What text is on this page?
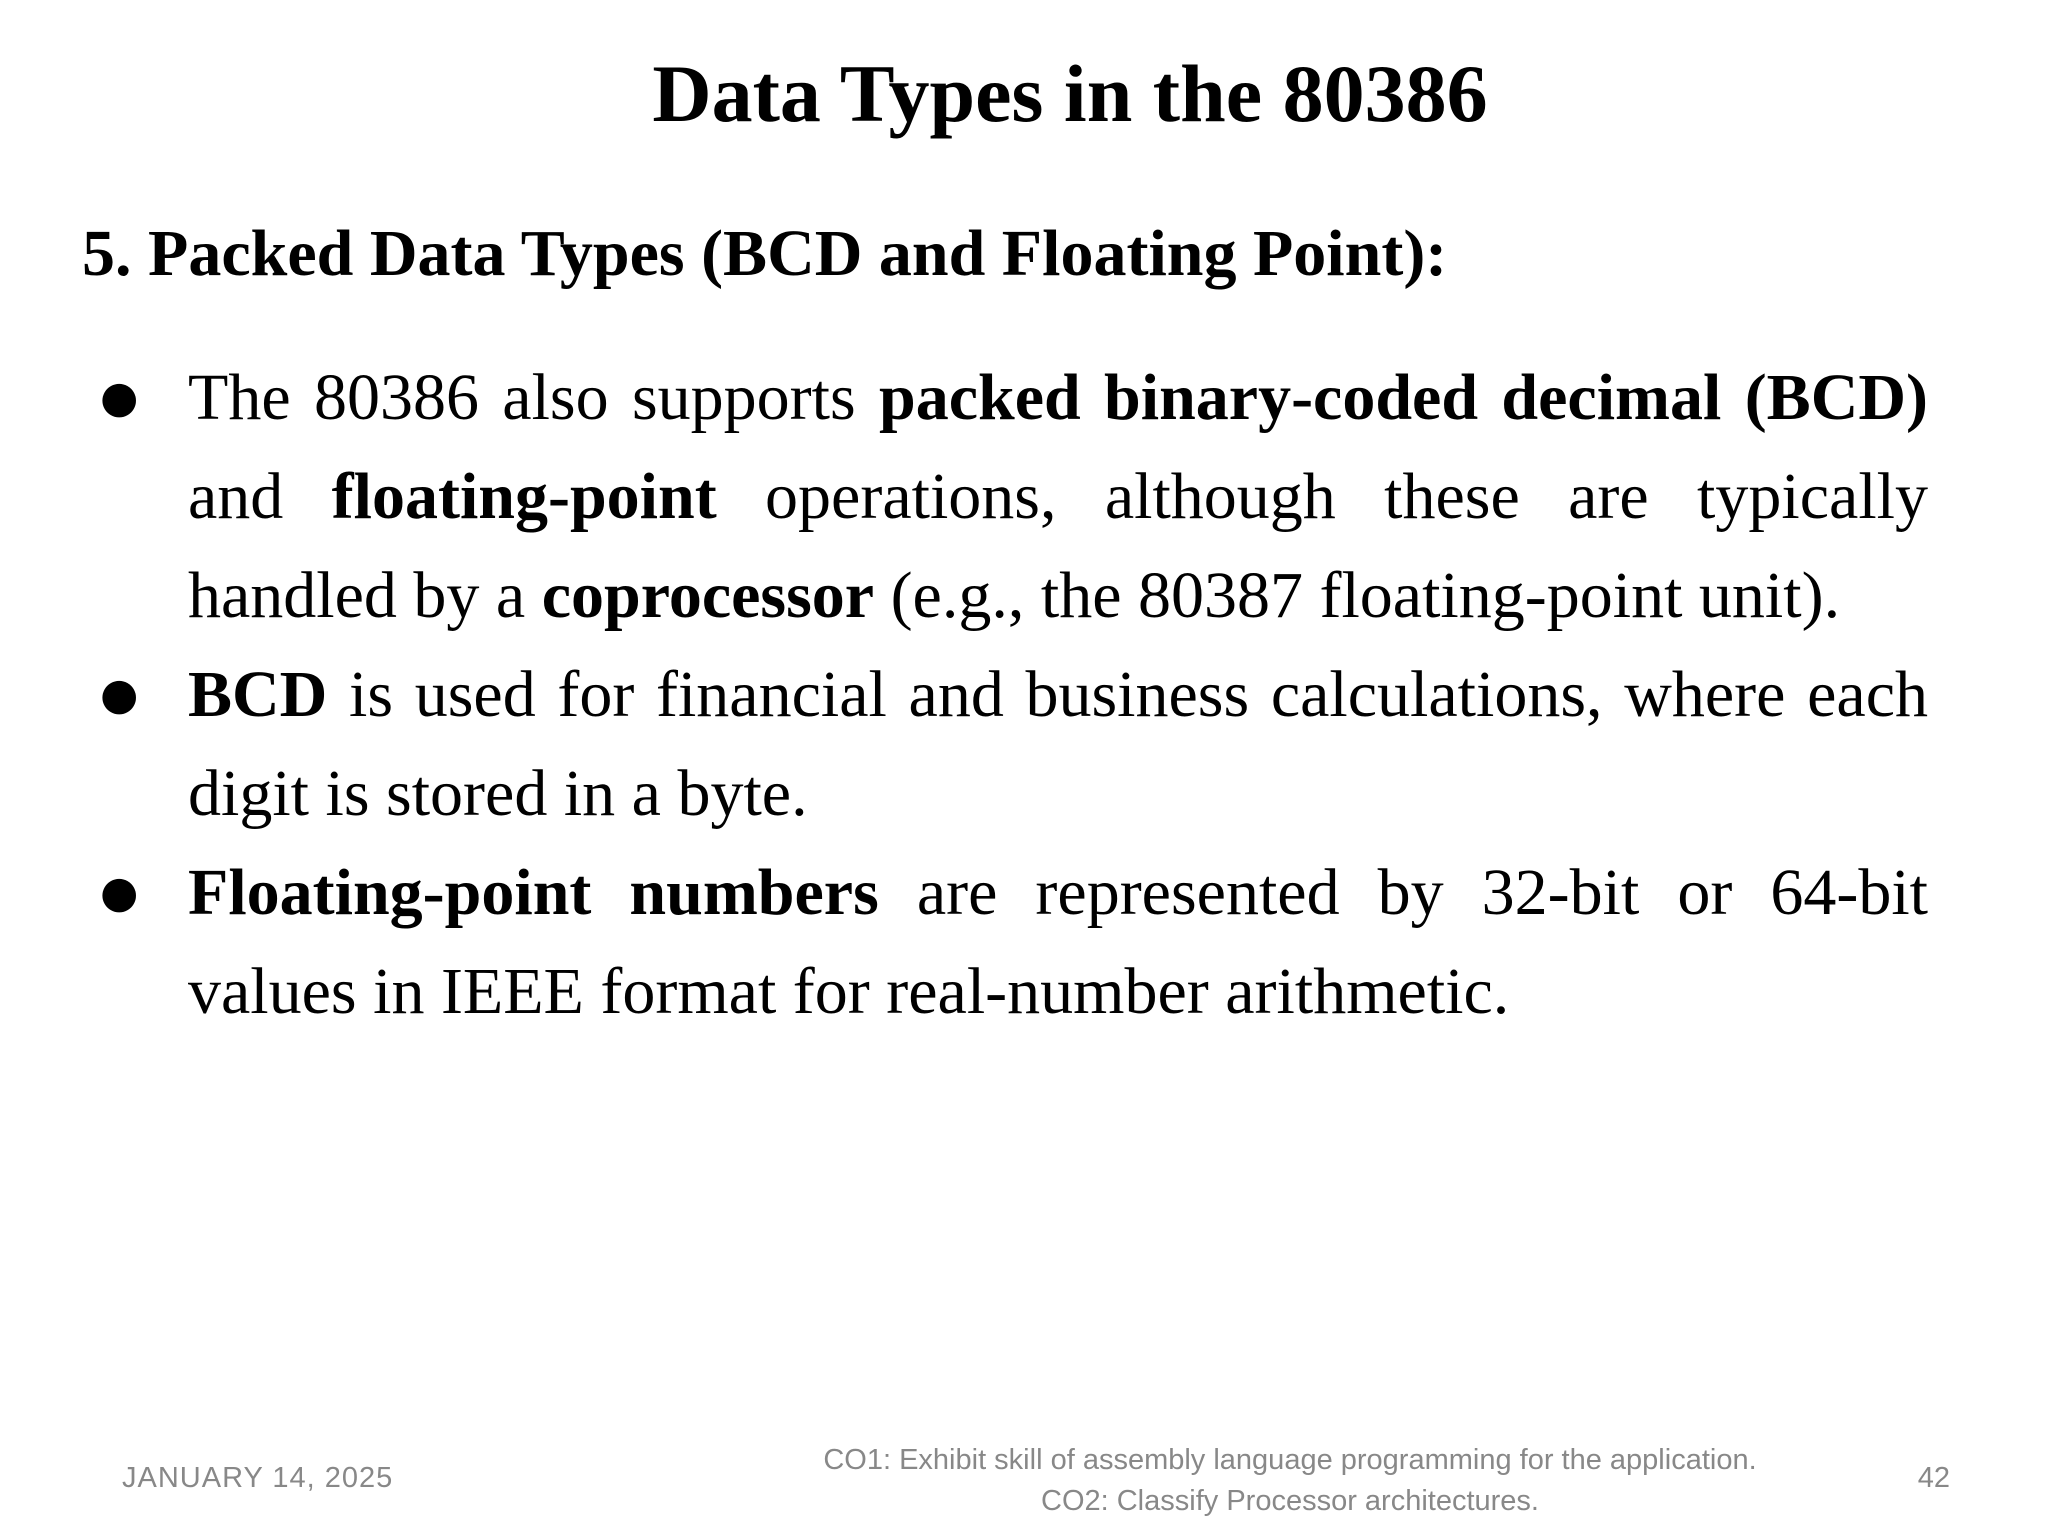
Data Types in the 80386
5. Packed Data Types (BCD and Floating Point):
● The 80386 also supports packed binary-coded decimal (BCD) and floating-point operations, although these are typically handled by a coprocessor (e.g., the 80387 floating-point unit).
● BCD is used for financial and business calculations, where each digit is stored in a byte.
● Floating-point numbers are represented by 32-bit or 64-bit values in IEEE format for real-number arithmetic.
JANUARY 14, 2025
CO1: Exhibit skill of assembly language programming for the application.
CO2: Classify Processor architectures.
42
